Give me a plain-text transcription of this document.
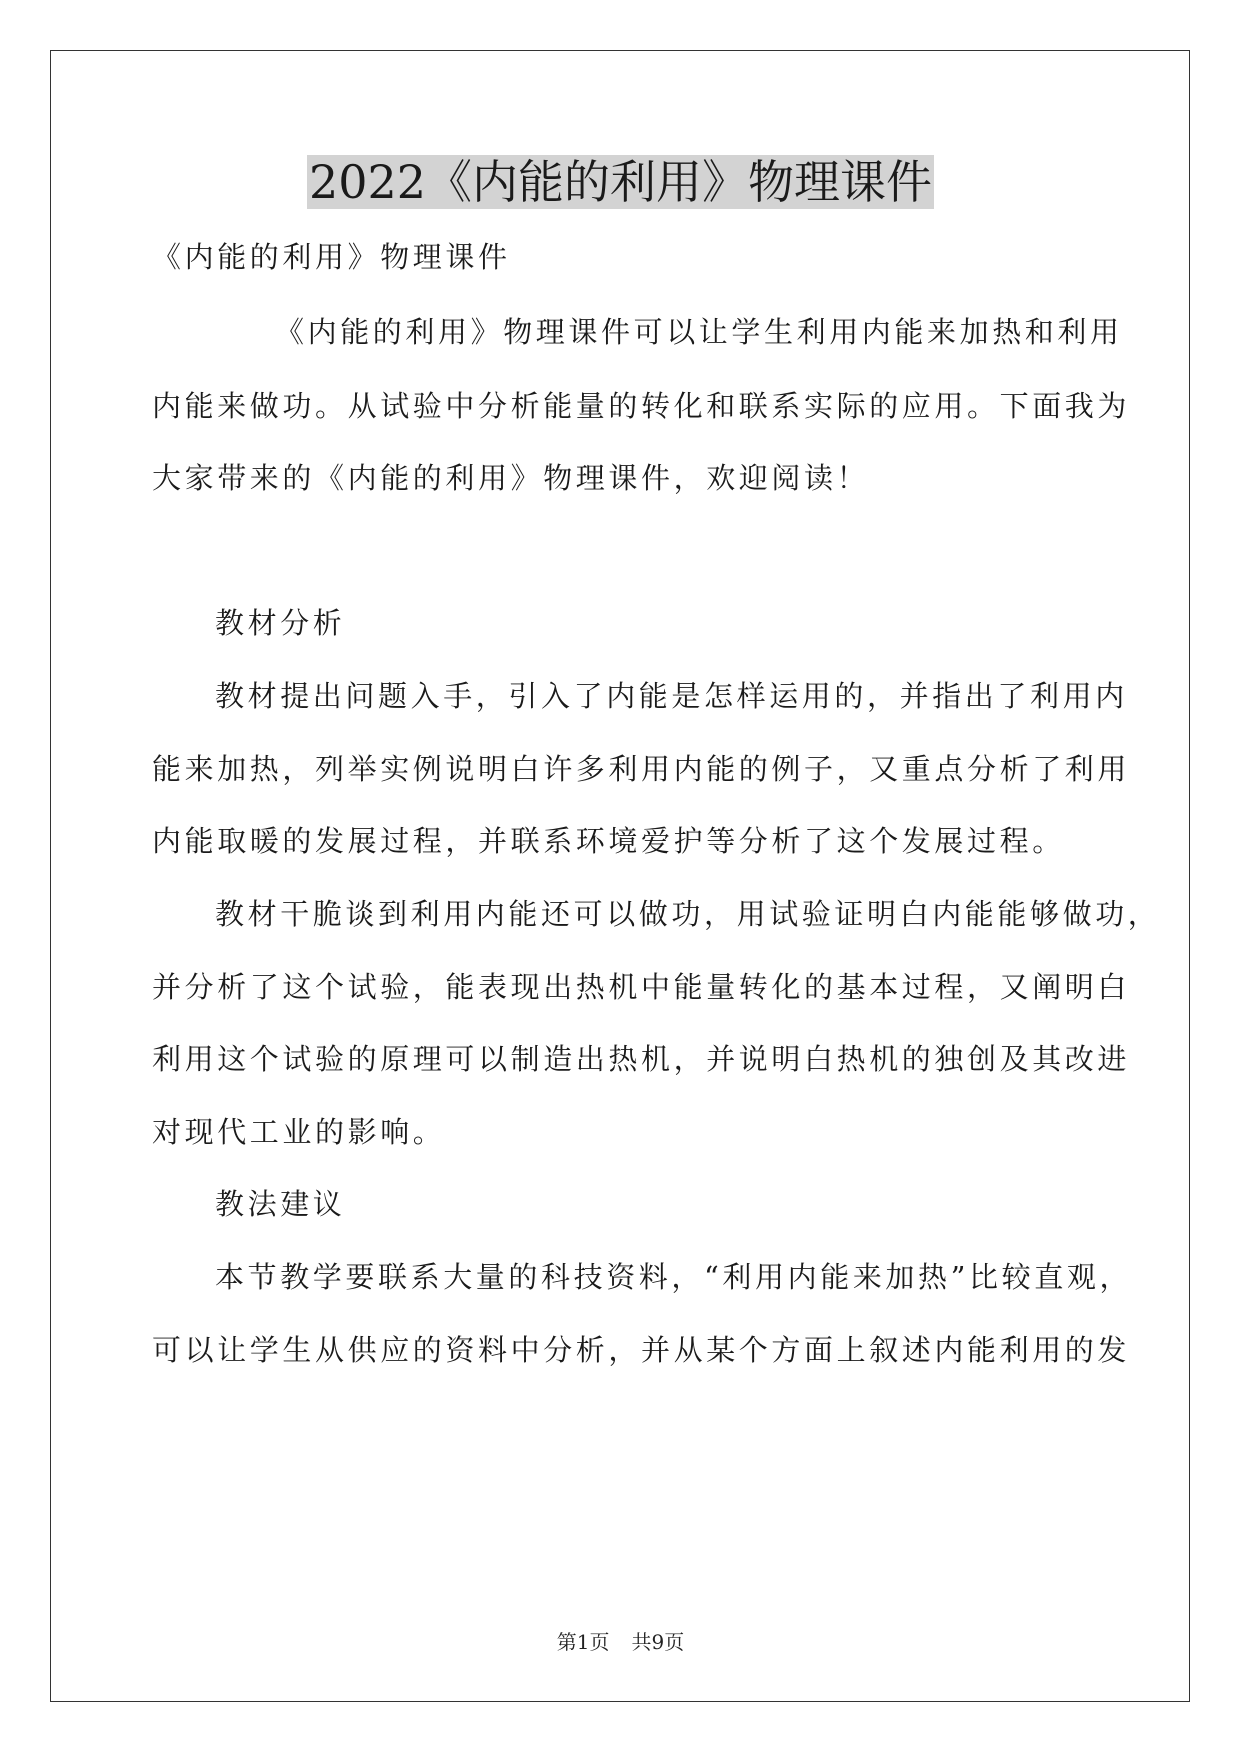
2022《内能的利用》物理课件
《内能的利用》物理课件
《内能的利用》物理课件可以让学生利用内能来加热和利用
内能来做功。从试验中分析能量的转化和联系实际的应用。下面我为
大家带来的《内能的利用》物理课件，欢迎阅读！
教材分析
教材提出问题入手，引入了内能是怎样运用的，并指出了利用内
能来加热，列举实例说明白许多利用内能的例子，又重点分析了利用
内能取暖的发展过程，并联系环境爱护等分析了这个发展过程。
教材干脆谈到利用内能还可以做功，用试验证明白内能能够做功，
并分析了这个试验，能表现出热机中能量转化的基本过程，又阐明白
利用这个试验的原理可以制造出热机，并说明白热机的独创及其改进
对现代工业的影响。
教法建议
本节教学要联系大量的科技资料，“利用内能来加热”比较直观，
可以让学生从供应的资料中分析，并从某个方面上叙述内能利用的发
第1页 共9页
